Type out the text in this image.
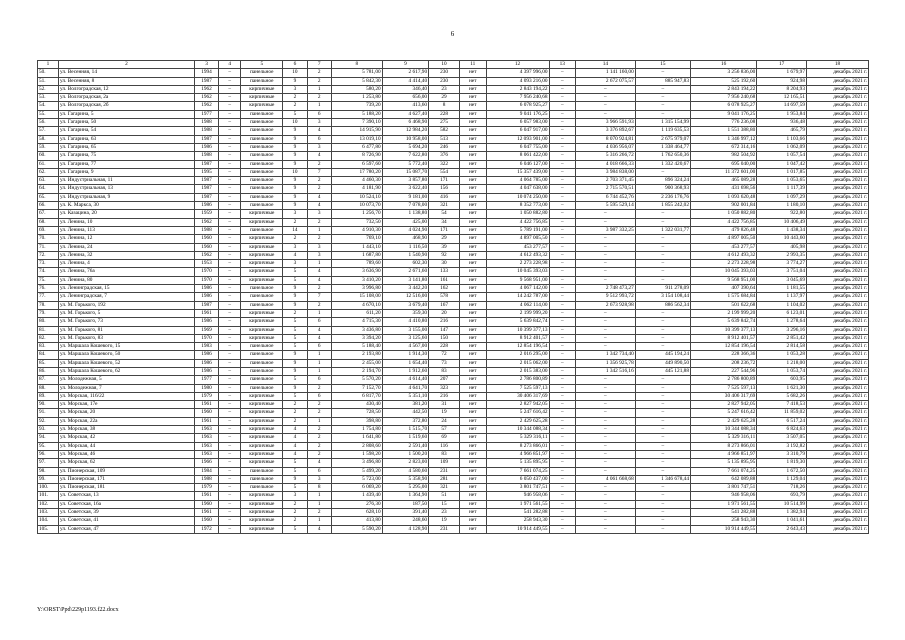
6
1	2	3	4	5	6	7	8	9	10	11	12	13	14	15	16	17	18
50.	ул. Весенняя, 14	1994	–	панельное	10	2	5 781,00	2 617,90	230	нет	4 397 996,00	–	1 141 160,00	–	3 256 836,00	1 679,97	декабрь 2021 г.
51.	ул. Весенняя, 8	1987	–	панельное	9	2	5 842,30	4 414,40	230	нет	4 093 216,00	–	2 672 075,57	885 947,83	525 192,60	924,98	декабрь 2021 г.
52.	ул. Волгоградская, 12	1962	–	кирпичные	3	1	580,20	346,40	23	нет	2 843 194,22	–	–	–	2 843 194,22	8 204,93	декабрь 2021 г.
53.	ул. Волгоградская, 2а	1962	–	кирпичные	2	2	1 253,80	656,00	29	нет	7 956 240,68	–	–	–	7 956 240,68	12 165,51	декабрь 2021 г.
54.	ул. Волгоградская, 2б	1962	–	кирпичные	2	1	739,20	413,60	8	нет	6 078 925,27	–	–	–	6 078 925,27	14 697,59	декабрь 2021 г.
55.	ул. Гагарина, 5	1977	–	панельное	5	6	5 188,20	4 627,40	228	нет	9 041 176,25	–	–	–	9 041 176,25	1 953,84	декабрь 2021 г.
56.	ул. Гагарина, 50	1988	–	панельное	10	3	7 390,10	6 468,90	275	нет	6 057 983,00	–	3 966 591,93	1 315 154,99	776 236,08	936,48	декабрь 2021 г.
57.	ул. Гагарина, 54	1988	–	панельное	9	4	14 915,90	12 984,20	582	нет	6 047 917,00	–	3 376 892,67	1 119 635,53	1 551 388,80	465,79	декабрь 2021 г.
58.	ул. Гагарина, 63	1987	–	панельное	9	6	13 019,10	10 958,00	513	нет	12 093 901,00	–	8 070 924,81	2 675 979,07	1 346 997,12	1 103,66	декабрь 2021 г.
59.	ул. Гагарина, 65	1986	–	панельное	9	3	6 477,80	5 694,20	246	нет	6 047 755,00	–	4 036 956,07	1 338 464,77	672 314,16	1 062,09	декабрь 2021 г.
60.	ул. Гагарина, 75	1988	–	панельное	9	4	8 726,90	7 622,80	376	нет	8 061 422,00	–	5 316 266,72	1 762 650,36	982 504,92	1 057,54	декабрь 2021 г.
61.	ул. Гагарина, 77	1987	–	панельное	9	2	6 597,60	5 772,40	322	нет	6 046 127,00	–	4 018 666,33	1 332 420,67	695 040,00	1 047,42	декабрь 2021 г.
62.	ул. Гагарина, 9	1995	–	панельное	10	7	17 780,20	15 087,70	554	нет	15 357 439,00	–	3 984 838,00	–	11 372 601,00	1 017,85	декабрь 2021 г.
63.	ул. Индустриальная, 11	1987	–	панельное	9	2	4 460,30	3 857,80	171	нет	4 064 785,00	–	2 703 371,45	896 324,24	465 089,28	1 053,65	декабрь 2021 г.
64.	ул. Индустриальная, 13	1987	–	панельное	9	2	4 181,90	3 622,40	156	нет	4 047 638,00	–	2 715 570,51	900 368,93	431 698,56	1 117,39	декабрь 2021 г.
65.	ул. Индустриальная, 9	1987	–	панельное	9	4	10 524,10	9 181,00	416	нет	10 074 250,00	–	6 744 452,76	2 236 176,76	1 093 620,48	1 097,29	декабрь 2021 г.
66.	ул. К. Маркса, 30	1986	–	панельное	9	4	10 073,70	7 078,00	321	нет	8 352 773,00	–	5 595 529,14	1 855 242,02	902 001,84	1 180,10	декабрь 2021 г.
67.	ул. Казацина, 20	1959	–	кирпичные	3	3	1 256,70	1 138,80	54	нет	1 050 882,80	–	–	–	1 050 882,80	922,80	декабрь 2021 г.
68.	ул. Ленина, 10	1962	–	кирпичные	2	2	732,50	425,00	34	нет	4 422 756,85	–	–	–	4 422 756,85	10 406,49	декабрь 2021 г.
69.	ул. Ленина, 113	1988	–	панельное	14	1	4 910,30	4 024,90	171	нет	5 789 191,00	–	3 987 332,25	1 322 031,77	479 826,48	1 438,34	декабрь 2021 г.
70.	ул. Ленина, 12	1960	–	кирпичные	2	2	769,10	468,90	29	нет	4 897 005,50	–	–	–	4 897 005,50	10 443,60	декабрь 2021 г.
71.	ул. Ленина, 24	1960	–	кирпичные	3	3	1 443,10	1 116,50	39	нет	453 277,57	–	–	–	453 277,57	405,98	декабрь 2021 г.
72.	ул. Ленина, 32	1962	–	кирпичные	4	3	1 687,80	1 540,90	92	нет	4 612 493,32	–	–	–	4 612 493,32	2 993,35	декабрь 2021 г.
73.	ул. Ленина, 4	1953	–	кирпичные	3	1	789,60	602,30	30	нет	2 273 228,98	–	–	–	2 273 228,98	3 774,27	декабрь 2021 г.
74.	ул. Ленина, 76а	1970	–	кирпичные	5	4	3 636,90	2 671,60	133	нет	10 045 393,03	–	–	–	10 045 393,03	3 751,04	декабрь 2021 г.
75.	ул. Ленина, 80	1970	–	кирпичные	5	4	3 410,20	3 141,80	161	нет	9 568 951,00	–	–	–	9 568 951,00	3 045,69	декабрь 2021 г.
76.	ул. Ленинградская, 15	1986	–	панельное	9	2	3 996,80	3 442,20	162	нет	4 067 142,00	–	2 748 473,27	911 278,09	407 390,64	1 181,55	декабрь 2021 г.
77.	ул. Ленинградская, 7	1986	–	панельное	9	7	15 108,00	12 516,00	578	нет	14 242 787,00	–	9 512 993,72	3 154 108,44	1 575 684,84	1 137,97	декабрь 2021 г.
78.	ул. М. Горького, 192	1987	–	панельное	9	2	4 670,10	3 679,40	167	нет	4 062 114,00	–	2 673 928,98	886 562,34	501 622,68	1 104,02	декабрь 2021 г.
79.	ул. М. Горького, 5	1961	–	кирпичные	2	1	611,20	359,30	20	нет	2 199 999,20	–	–	–	2 199 999,20	6 123,01	декабрь 2021 г.
80.	ул. М. Горького, 73	1986	–	кирпичные	5	6	4 715,30	4 410,80	216	нет	5 639 842,74	–	–	–	5 639 842,74	1 278,64	декабрь 2021 г.
81.	ул. М. Горького, 81	1969	–	кирпичные	5	4	3 436,80	3 155,00	147	нет	10 399 377,13	–	–	–	10 399 377,13	3 296,16	декабрь 2021 г.
82.	ул. М. Горького, 83	1970	–	кирпичные	5	4	3 394,20	3 125,60	150	нет	8 912 401,57	–	–	–	8 912 401,57	2 851,42	декабрь 2021 г.
83.	ул. Маршала Кошевого, 15	1983	–	панельное	5	6	5 188,40	4 567,00	228	нет	12 854 196,54	–	–	–	12 854 196,54	2 814,58	декабрь 2021 г.
84.	ул. Маршала Кошевого, 50	1986	–	панельное	9	1	2 193,80	1 914,30	72	нет	2 016 295,00	–	1 342 734,40	445 194,24	228 366,36	1 053,28	декабрь 2021 г.
85.	ул. Маршала Кошевого, 52	1986	–	панельное	9	1	2 455,00	1 654,40	73	нет	2 015 062,00	–	1 356 925,78	449 890,50	208 236,72	1 218,00	декабрь 2021 г.
86.	ул. Маршала Кошевого, 62	1986	–	панельное	9	1	2 194,70	1 912,60	83	нет	2 015 383,00	–	1 342 516,16	445 121,88	227 544,96	1 053,74	декабрь 2021 г.
87.	ул. Молодежная, 5	1977	–	панельное	5	6	5 570,20	4 614,40	207	нет	2 786 800,89	–	–	–	2 786 800,89	603,95	декабрь 2021 г.
88.	ул. Молодежная, 7	1980	–	панельное	9	2	7 152,70	4 641,70	323	нет	7 525 597,13	–	–	–	7 525 597,13	1 621,30	декабрь 2021 г.
89.	ул. Морская, 116/22	1979	–	кирпичные	5	6	6 817,70	5 351,10	216	нет	30 406 317,69	–	–	–	30 406 317,69	5 682,26	декабрь 2021 г.
90.	ул. Морская, 17е	1961	–	кирпичные	2	2	430,40	381,20	31	нет	2 827 942,05	–	–	–	2 827 942,05	7 418,53	декабрь 2021 г.
91.	ул. Морская, 20	1960	–	кирпичные	2	2	728,50	442,50	19	нет	5 247 616,42	–	–	–	5 247 616,42	11 859,02	декабрь 2021 г.
92.	ул. Морская, 22а	1961	–	кирпичные	2	1	398,80	372,80	24	нет	2 429 625,28	–	–	–	2 429 625,28	6 517,24	декабрь 2021 г.
93.	ул. Морская, 38	1963	–	кирпичные	4	2	1 754,80	1 515,70	57	нет	10 344 088,34	–	–	–	10 344 088,34	6 824,63	декабрь 2021 г.
94.	ул. Морская, 42	1963	–	кирпичные	4	2	1 641,80	1 519,60	69	нет	5 329 316,11	–	–	–	5 329 316,11	3 507,05	декабрь 2021 г.
95.	ул. Морская, 44	1963	–	кирпичные	4	2	2 808,60	2 591,40	116	нет	8 273 866,01	–	–	–	8 273 866,01	3 192,82	декабрь 2021 г.
96.	ул. Морская, 46	1963	–	кирпичные	4	2	1 598,20	1 500,20	83	нет	4 966 851,97	–	–	–	4 966 851,97	3 310,79	декабрь 2021 г.
97.	ул. Морская, 62	1966	–	кирпичные	5	4	3 496,80	2 823,00	109	нет	5 135 895,95	–	–	–	5 135 895,95	1 819,30	декабрь 2021 г.
98.	ул. Пионерская, 109	1984	–	панельное	5	6	5 499,20	4 580,60	231	нет	7 661 074,25	–	–	–	7 661 074,25	1 672,50	декабрь 2021 г.
99.	ул. Пионерская, 171	1988	–	панельное	9	3	5 723,00	5 358,90	281	нет	6 050 437,00	–	4 061 668,68	1 346 678,44	642 089,88	1 129,04	декабрь 2021 г.
100.	ул. Пионерская, 181	1979	–	панельное	5	8	6 069,20	5 295,00	321	нет	3 801 747,51	–	–	–	3 801 747,51	718,26	декабрь 2021 г.
101.	ул. Советская, 13	1961	–	кирпичные	3	1	1 439,40	1 364,90	51	нет	946 958,06	–	–	–	946 958,06	693,79	декабрь 2021 г.
102.	ул. Советская, 16а	1960	–	кирпичные	2	1	276,30	187,50	15	нет	1 971 561,55	–	–	–	1 971 561,55	10 514,99	декабрь 2021 г.
103.	ул. Советская, 39	1961	–	кирпичные	2	2	628,10	391,40	23	нет	541 282,88	–	–	–	541 282,88	1 382,94	декабрь 2021 г.
104.	ул. Советская, 41	1960	–	кирпичные	2	1	413,80	248,60	19	нет	258 943,30	–	–	–	258 943,30	1 041,61	декабрь 2021 г.
105.	ул. Советская, 47	1972	–	кирпичные	5	4	5 590,20	4 128,90	231	нет	10 914 449,55	–	–	–	10 914 449,55	2 643,43	декабрь 2021 г.
Y:\ORST\Ppd\229p1193.f22.docx
